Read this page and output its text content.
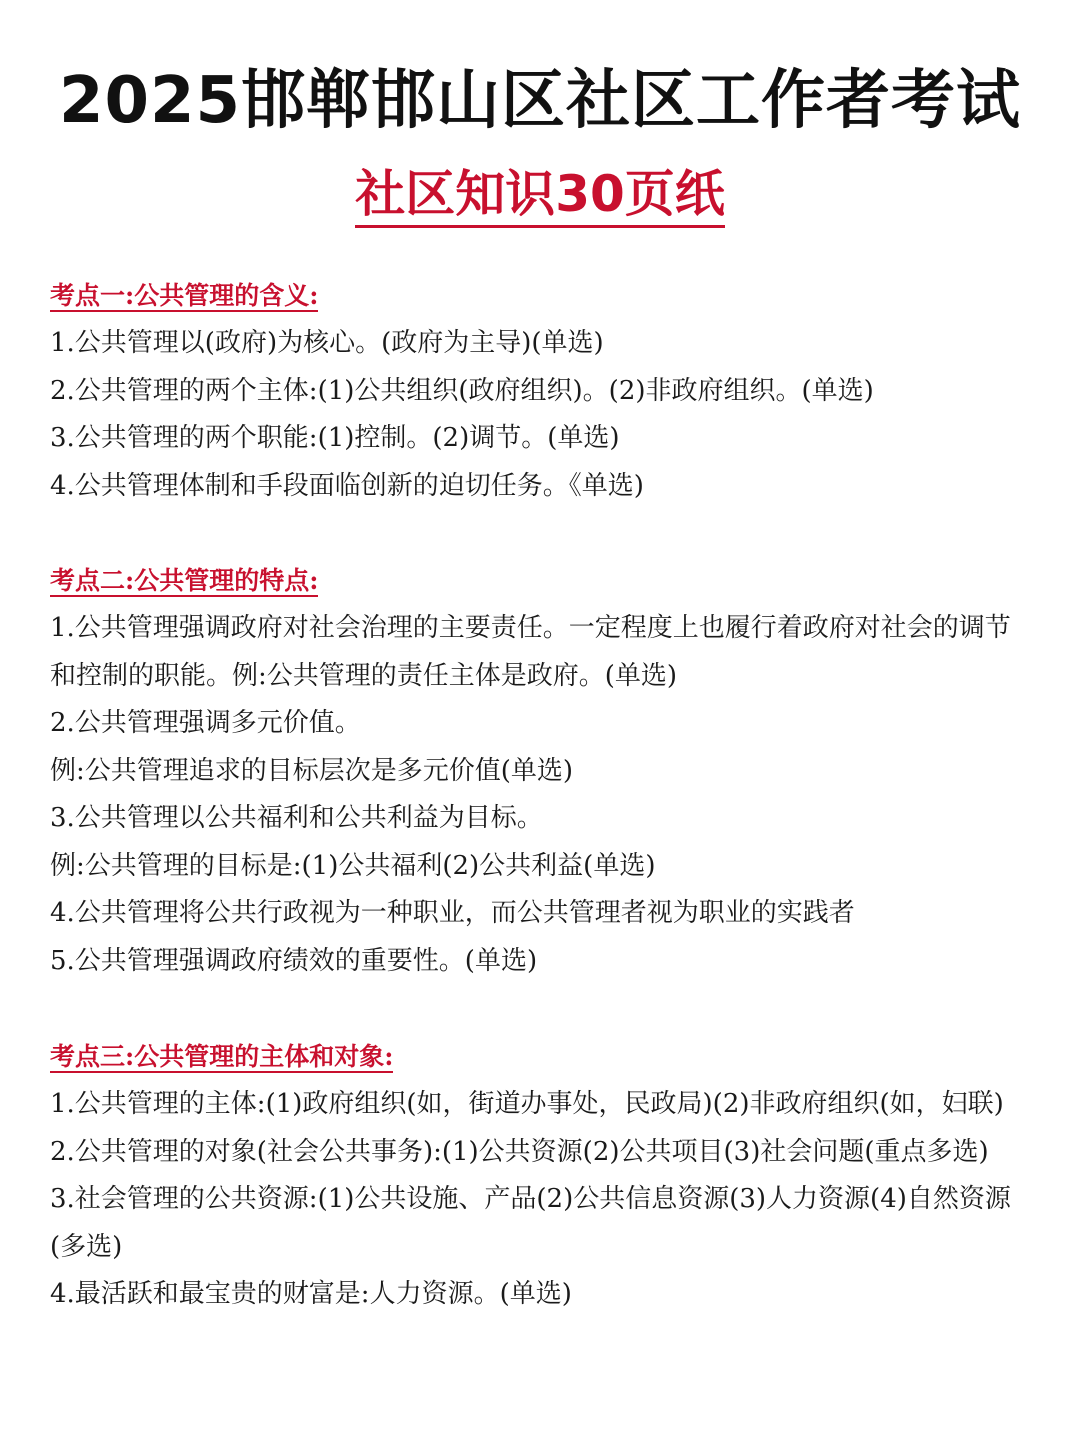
2025邯郸邯山区社区工作者考试
社区知识30页纸
考点一:公共管理的含义:
1.公共管理以(政府)为核心。(政府为主导)(单选)
2.公共管理的两个主体:(1)公共组织(政府组织)。(2)非政府组织。(单选)
3.公共管理的两个职能:(1)控制。(2)调节。(单选)
4.公共管理体制和手段面临创新的迫切任务。《单选)
考点二:公共管理的特点:
1.公共管理强调政府对社会治理的主要责任。一定程度上也履行着政府对社会的调节和控制的职能。例:公共管理的责任主体是政府。(单选)
2.公共管理强调多元价值。
例:公共管理追求的目标层次是多元价值(单选)
3.公共管理以公共福利和公共利益为目标。
例:公共管理的目标是:(1)公共福利(2)公共利益(单选)
4.公共管理将公共行政视为一种职业，而公共管理者视为职业的实践者
5.公共管理强调政府绩效的重要性。(单选)
考点三:公共管理的主体和对象:
1.公共管理的主体:(1)政府组织(如，街道办事处，民政局)(2)非政府组织(如，妇联)
2.公共管理的对象(社会公共事务):(1)公共资源(2)公共项目(3)社会问题(重点多选)
3.社会管理的公共资源:(1)公共设施、产品(2)公共信息资源(3)人力资源(4)自然资源(多选)
4.最活跃和最宝贵的财富是:人力资源。(单选)
